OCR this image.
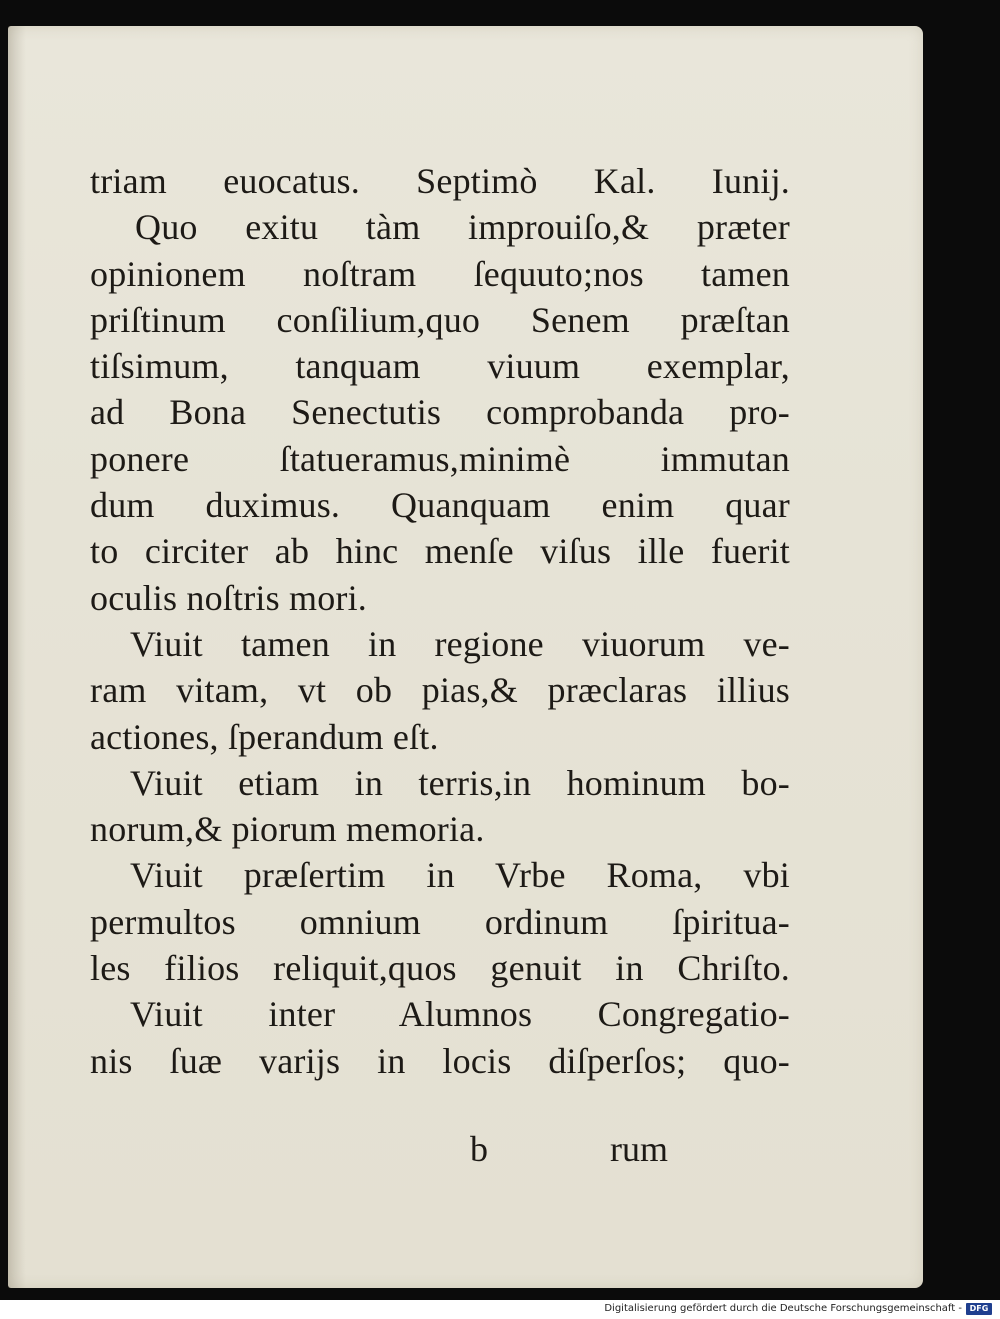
triam euocatus. Septimò Kal. Iunij.
Quo exitu tàm improuiſo,& præter
opinionem noſtram ſequuto;nos tamen
priſtinum conſilium,quo Senem præſtan
tiſsimum, tanquam viuum exemplar,
ad Bona Senectutis comprobanda pro-
ponere ſtatueramus,minimè immutan
dum duximus. Quanquam enim quar
to circiter ab hinc menſe viſus ille fuerit
oculis noſtris mori.
Viuit tamen in regione viuorum ve-
ram vitam, vt ob pias,& præclaras illius
actiones, ſperandum eſt.
Viuit etiam in terris,in hominum bo-
norum,& piorum memoria.
Viuit præſertim in Vrbe Roma, vbi
permultos omnium ordinum ſpiritua-
les filios reliquit,quos genuit in Chriſto.
Viuit inter Alumnos Congregatio-
nis ſuæ varijs in locis diſperſos; quo-
b	rum
Digitalisierung gefördert durch die Deutsche Forschungsgemeinschaft - DFG
